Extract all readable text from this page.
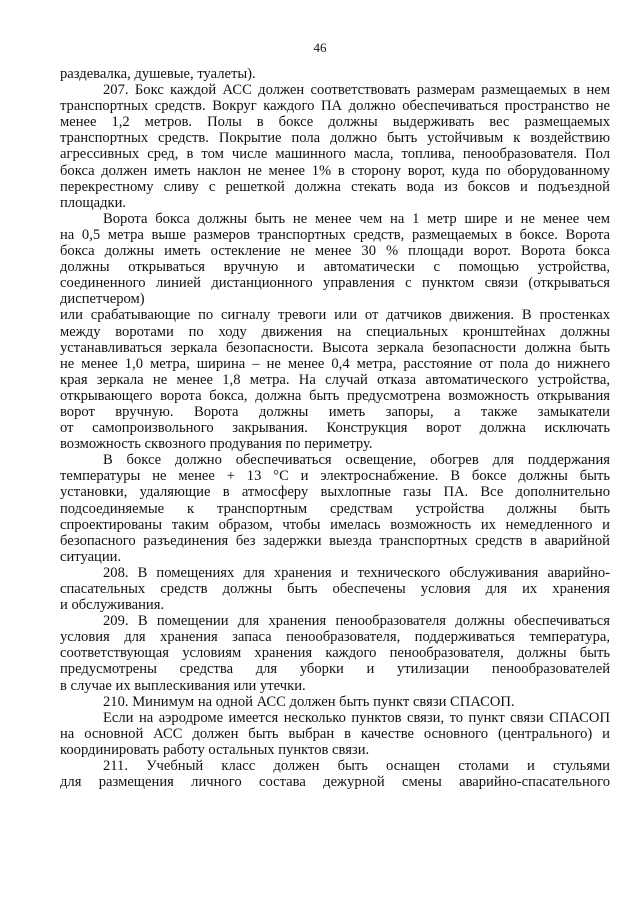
46
раздевалка, душевые, туалеты).
207. Бокс каждой АСС должен соответствовать размерам размещаемых в нем
транспортных средств. Вокруг каждого ПА должно обеспечиваться пространство не
менее 1,2 метров. Полы в боксе должны выдерживать вес размещаемых
транспортных средств. Покрытие пола должно быть устойчивым к воздействию
агрессивных сред, в том числе машинного масла, топлива, пенообразователя. Пол
бокса должен иметь наклон не менее 1% в сторону ворот, куда по оборудованному
перекрестному сливу с решеткой должна стекать вода из боксов и подъездной
площадки.
Ворота бокса должны быть не менее чем на 1 метр шире и не менее чем
на 0,5 метра выше размеров транспортных средств, размещаемых в боксе. Ворота
бокса должны иметь остекление не менее 30 % площади ворот. Ворота бокса
должны открываться вручную и автоматически с помощью устройства,
соединенного линией дистанционного управления с пунктом связи (открываться
диспетчером)
или срабатывающие по сигналу тревоги или от датчиков движения. В простенках
между воротами по ходу движения на специальных кронштейнах должны
устанавливаться зеркала безопасности. Высота зеркала безопасности должна быть
не менее 1,0 метра, ширина – не менее 0,4 метра, расстояние от пола до нижнего
края зеркала не менее 1,8 метра. На случай отказа автоматического устройства,
открывающего ворота бокса, должна быть предусмотрена возможность открывания
ворот вручную. Ворота должны иметь запоры, а также замыкатели
от самопроизвольного закрывания. Конструкция ворот должна исключать
возможность сквозного продувания по периметру.
В боксе должно обеспечиваться освещение, обогрев для поддержания
температуры не менее + 13 °С и электроснабжение. В боксе должны быть
установки, удаляющие в атмосферу выхлопные газы ПА. Все дополнительно
подсоединяемые к транспортным средствам устройства должны быть
спроектированы таким образом, чтобы имелась возможность их немедленного и
безопасного разъединения без задержки выезда транспортных средств в аварийной
ситуации.
208. В помещениях для хранения и технического обслуживания аварийно-
спасательных средств должны быть обеспечены условия для их хранения
и обслуживания.
209. В помещении для хранения пенообразователя должны обеспечиваться
условия для хранения запаса пенообразователя, поддерживаться температура,
соответствующая условиям хранения каждого пенообразователя, должны быть
предусмотрены средства для уборки и утилизации пенообразователей
в случае их выплескивания или утечки.
210. Минимум на одной АСС должен быть пункт связи СПАСОП.
Если на аэродроме имеется несколько пунктов связи, то пункт связи СПАСОП
на основной АСС должен быть выбран в качестве основного (центрального) и
координировать работу остальных пунктов связи.
211. Учебный класс должен быть оснащен столами и стульями
для размещения личного состава дежурной смены аварийно-спасательного
